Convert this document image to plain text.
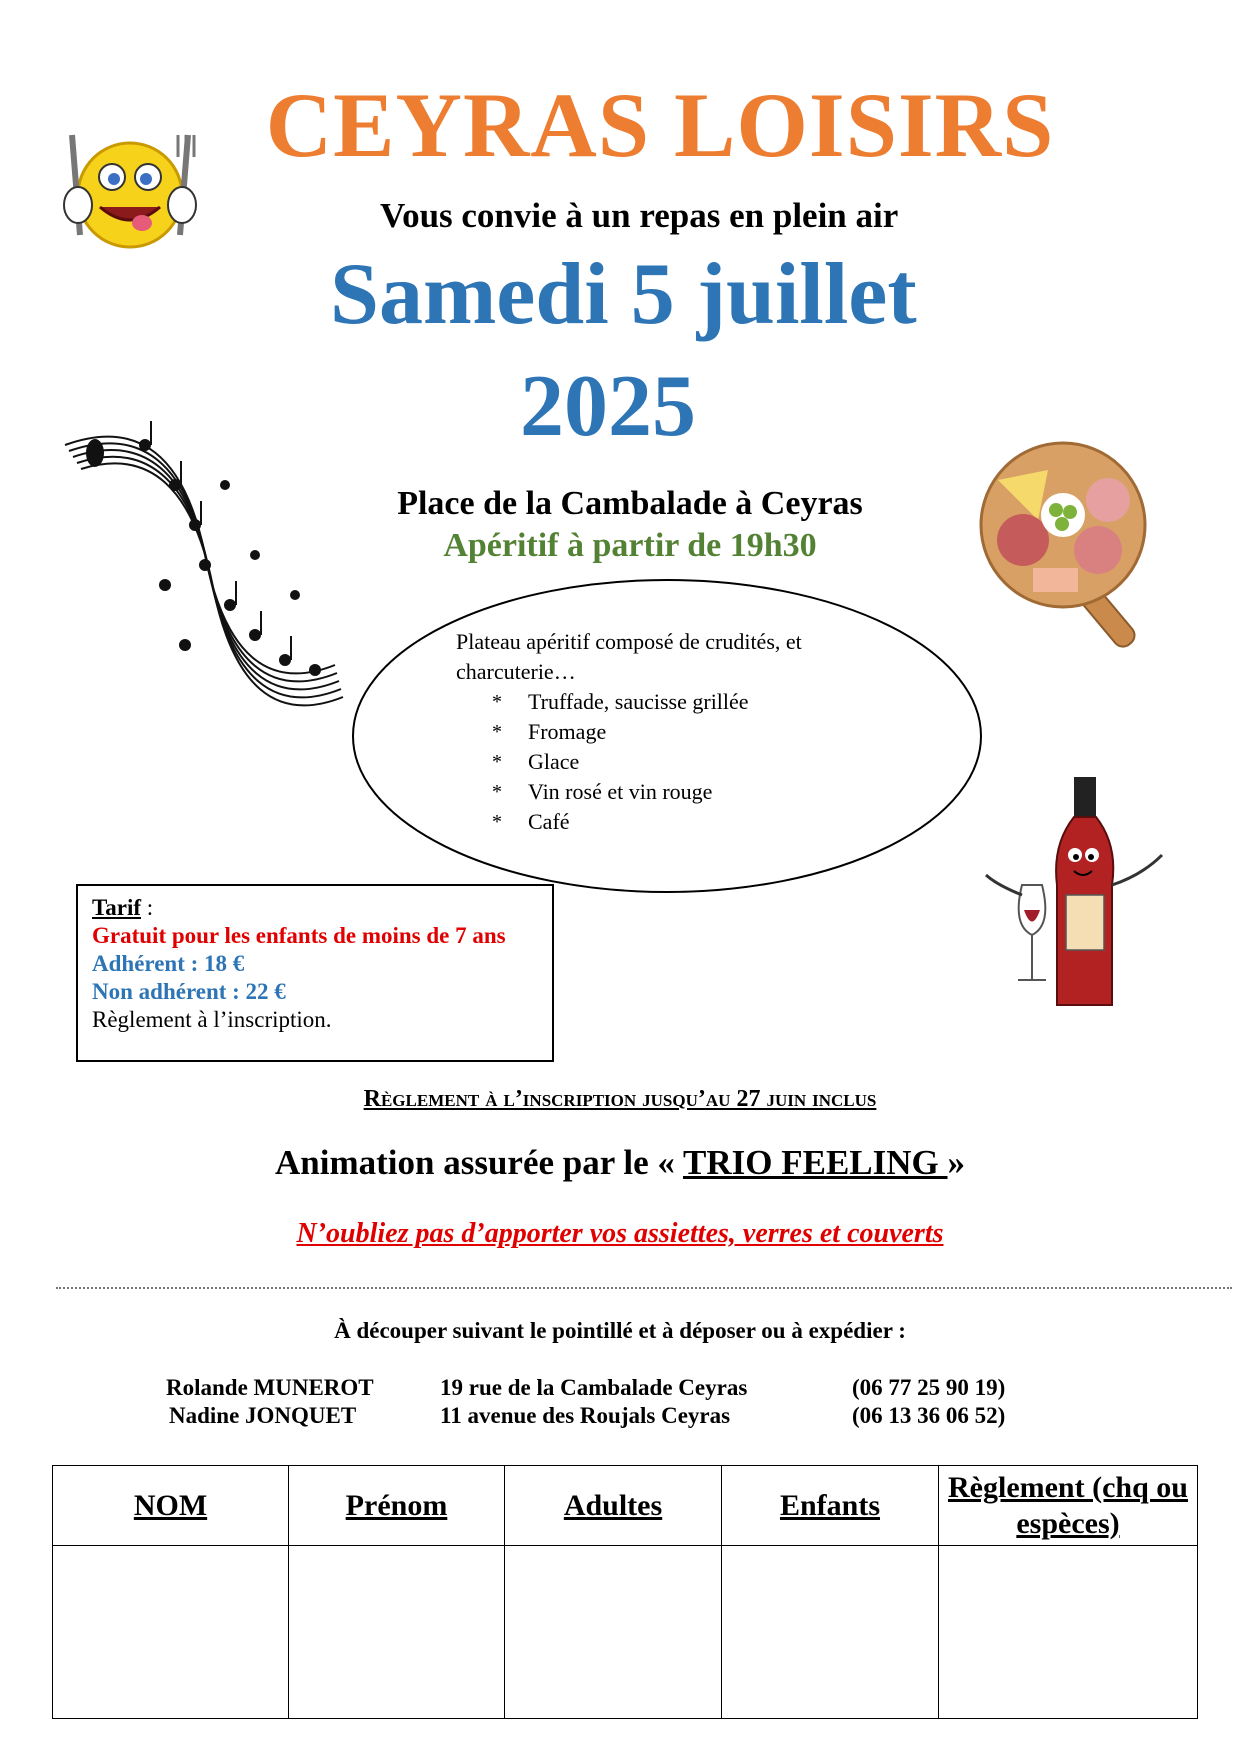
CEYRAS LOISIRS
Vous convie à un repas en plein air
Samedi 5 juillet
2025
Place de la Cambalade à Ceyras
Apéritif à partir de 19h30
Plateau apéritif composé de crudités, et charcuterie…
*	Truffade, saucisse grillée
*	Fromage
*	Glace
*	Vin rosé et vin rouge
*	Café
Tarif :
Gratuit pour les enfants de moins de 7 ans
Adhérent : 18 €
Non adhérent : 22 €
Règlement à l’inscription.
Règlement à l’inscription jusqu’au 27 juin inclus
Animation assurée par le « TRIO FEELING »
N’oubliez pas d’apporter vos assiettes, verres et couverts
À découper suivant le pointillé et à déposer ou à expédier :
Rolande MUNEROT	19 rue de la Cambalade Ceyras	(06 77 25 90 19)
Nadine JONQUET	11 avenue des Roujals Ceyras	(06 13 36 06 52)
NOM	Prénom	Adultes	Enfants	Règlement (chq ou espèces)
